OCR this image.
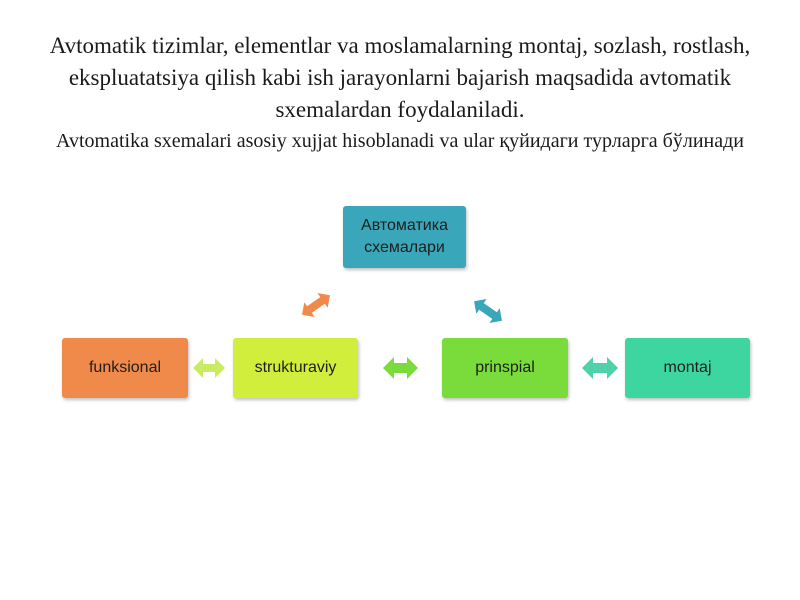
Avtomatik tizimlar, elementlar va moslamalarning montaj, sozlash, rostlash, ekspluatatsiya qilish kabi ish jarayonlarni bajarish maqsadida avtomatik sxemalardan foydalaniladi.
Avtomatika sxemalari asosiy xujjat hisoblanadi va ular қуйидаги турларга бўлинади
Автоматика схемалари
funksional	strukturaviy	prinspial	montaj
